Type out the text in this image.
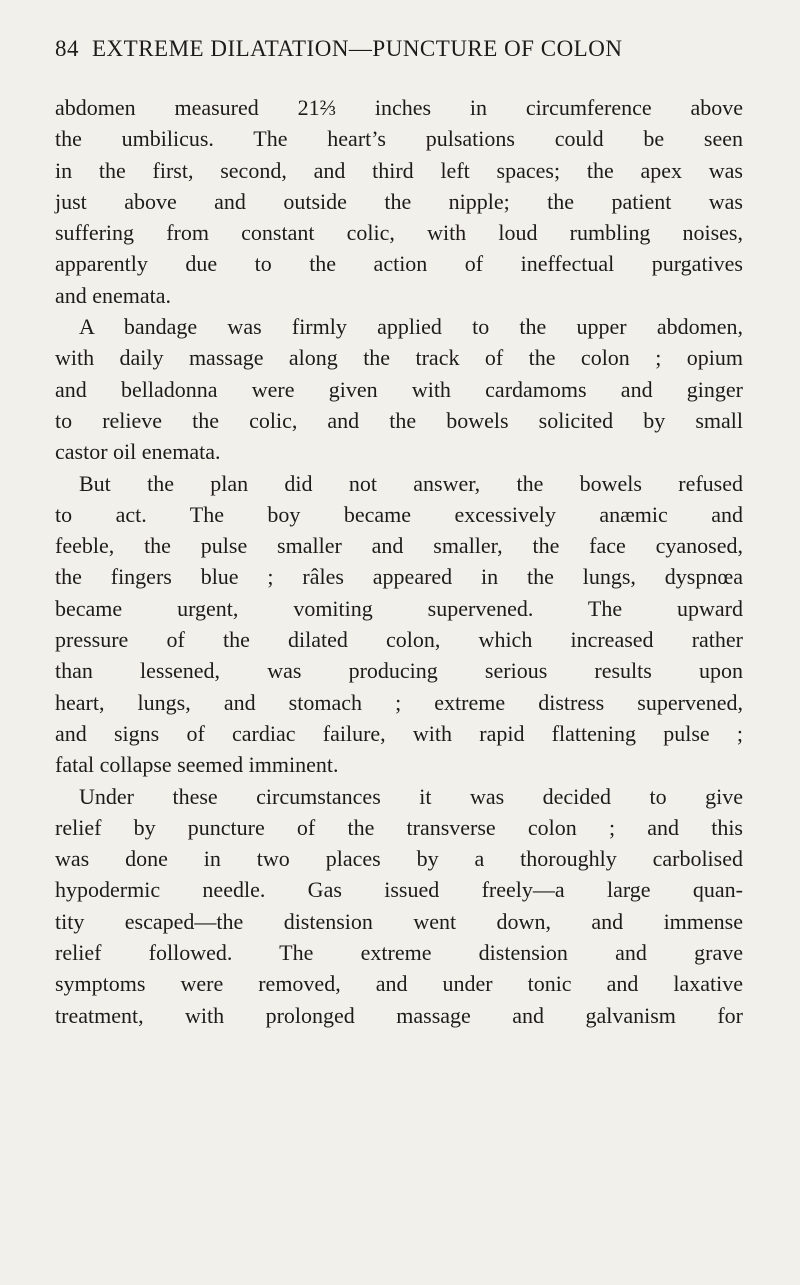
84 EXTREME DILATATION—PUNCTURE OF COLON
abdomen measured 21⅔ inches in circumference above
the umbilicus. The heart’s pulsations could be seen
in the first, second, and third left spaces; the apex was
just above and outside the nipple; the patient was
suffering from constant colic, with loud rumbling noises,
apparently due to the action of ineffectual purgatives
and enemata.
A bandage was firmly applied to the upper abdomen,
with daily massage along the track of the colon ; opium
and belladonna were given with cardamoms and ginger
to relieve the colic, and the bowels solicited by small
castor oil enemata.
But the plan did not answer, the bowels refused
to act. The boy became excessively anæmic and
feeble, the pulse smaller and smaller, the face cyanosed,
the fingers blue ; râles appeared in the lungs, dyspnœa
became urgent, vomiting supervened. The upward
pressure of the dilated colon, which increased rather
than lessened, was producing serious results upon
heart, lungs, and stomach ; extreme distress supervened,
and signs of cardiac failure, with rapid flattening pulse ;
fatal collapse seemed imminent.
Under these circumstances it was decided to give
relief by puncture of the transverse colon ; and this
was done in two places by a thoroughly carbolised
hypodermic needle. Gas issued freely—a large quan-
tity escaped—the distension went down, and immense
relief followed. The extreme distension and grave
symptoms were removed, and under tonic and laxative
treatment, with prolonged massage and galvanism for
